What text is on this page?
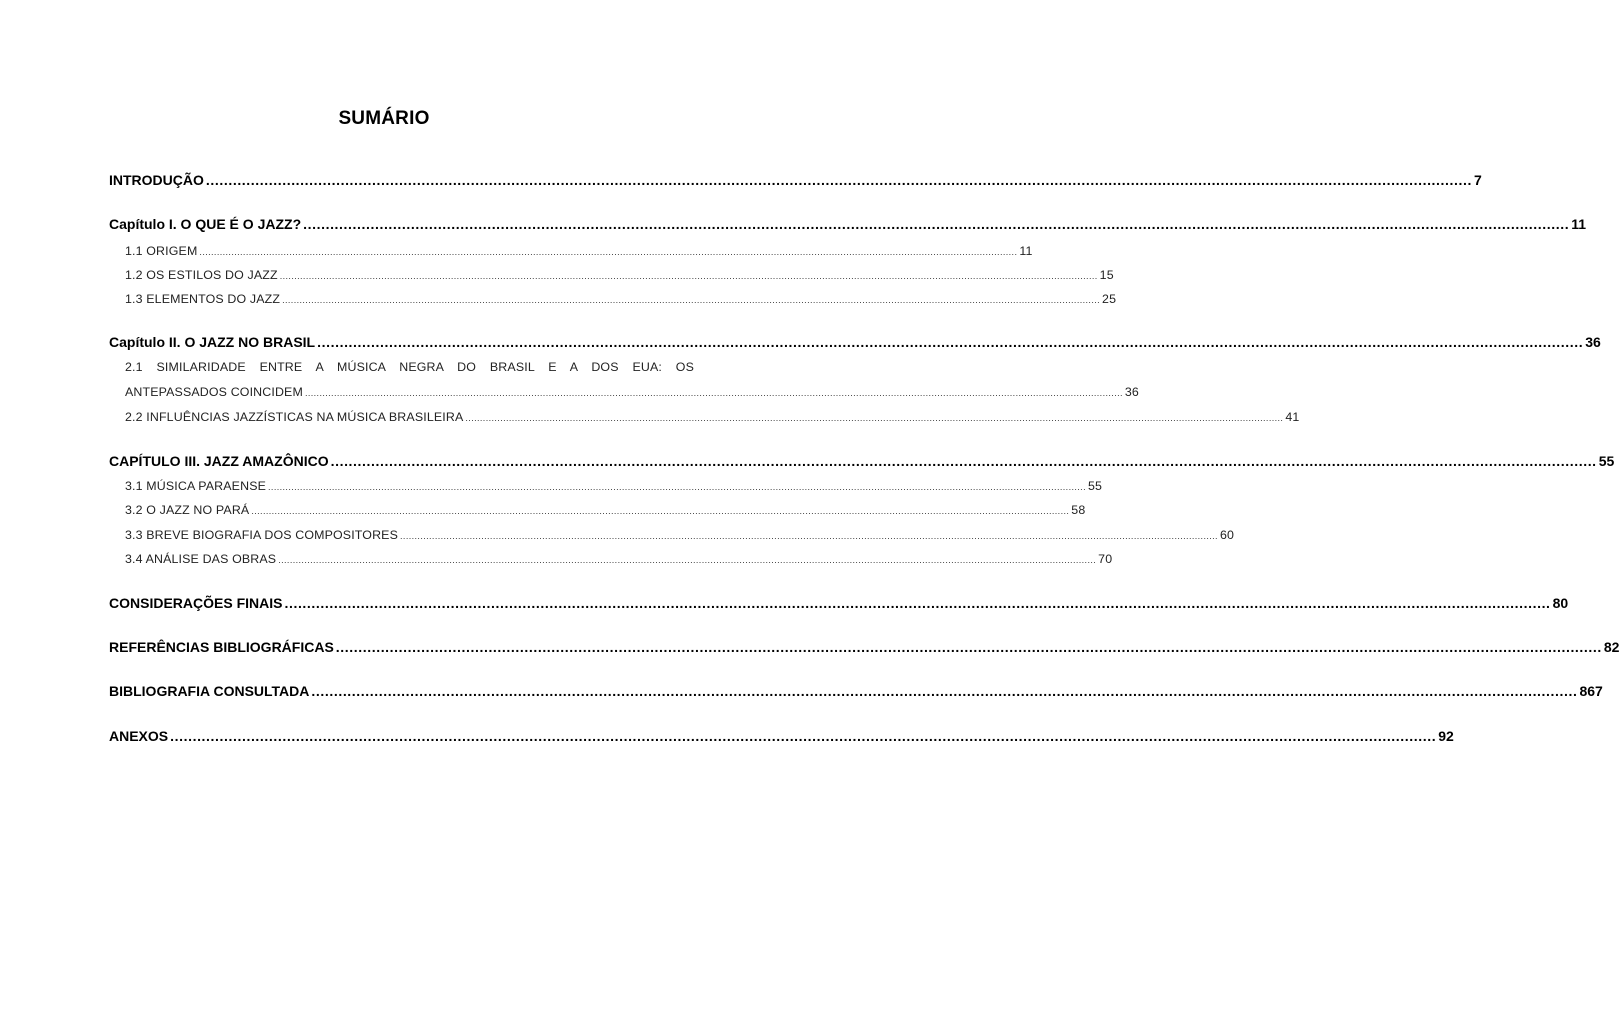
SUMÁRIO
INTRODUÇÃO .......................................................................................................................................................................................................................................................................................... 7
Capítulo I. O QUE É O JAZZ? .......................................................................................................................................................................................................................................................................................... 11
1.1 ORIGEM .......................................................................................................................................................................................................................................................................................... 11
1.2 OS ESTILOS DO JAZZ .......................................................................................................................................................................................................................................................................................... 15
1.3 ELEMENTOS DO JAZZ .......................................................................................................................................................................................................................................................................................... 25
Capítulo II. O JAZZ NO BRASIL .......................................................................................................................................................................................................................................................................................... 36
2.1 SIMILARIDADE ENTRE A MÚSICA NEGRA DO BRASIL E A DOS EUA: OS
ANTEPASSADOS COINCIDEM .......................................................................................................................................................................................................................................................................................... 36
2.2 INFLUÊNCIAS JAZZÍSTICAS NA MÚSICA BRASILEIRA .......................................................................................................................................................................................................................................................................................... 41
CAPÍTULO III. JAZZ AMAZÔNICO .......................................................................................................................................................................................................................................................................................... 55
3.1 MÚSICA PARAENSE .......................................................................................................................................................................................................................................................................................... 55
3.2 O JAZZ NO PARÁ .......................................................................................................................................................................................................................................................................................... 58
3.3 BREVE BIOGRAFIA DOS COMPOSITORES .......................................................................................................................................................................................................................................................................................... 60
3.4 ANÁLISE DAS OBRAS .......................................................................................................................................................................................................................................................................................... 70
CONSIDERAÇÕES FINAIS .......................................................................................................................................................................................................................................................................................... 80
REFERÊNCIAS BIBLIOGRÁFICAS .......................................................................................................................................................................................................................................................................................... 82
BIBLIOGRAFIA CONSULTADA .......................................................................................................................................................................................................................................................................................... 867
ANEXOS .......................................................................................................................................................................................................................................................................................... 92
